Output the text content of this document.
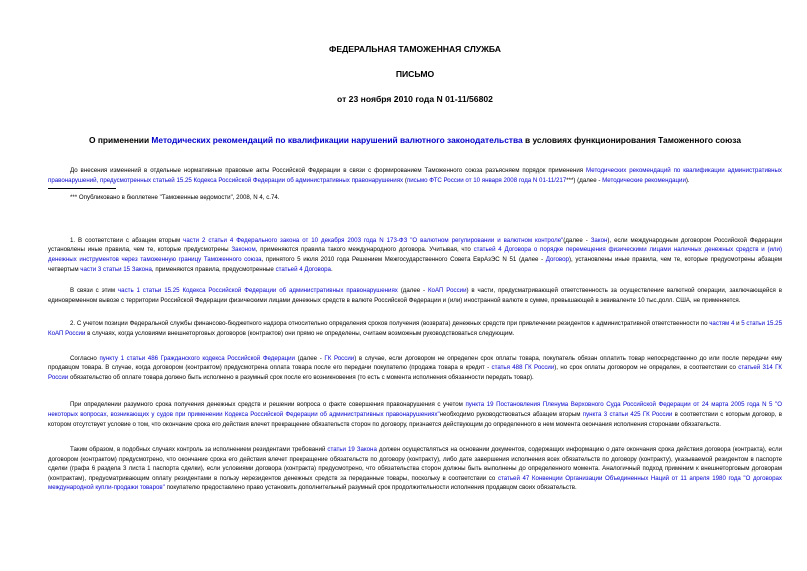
ФЕДЕРАЛЬНАЯ ТАМОЖЕННАЯ СЛУЖБА
ПИСЬМО
от 23 ноября 2010 года N 01-11/56802
О применении Методических рекомендаций по квалификации нарушений валютного законодательства в условиях функционирования Таможенного союза

До внесения изменений в отдельные нормативные правовые акты Российской Федерации в связи с формированием Таможенного союза разъясняем порядок применения Методических рекомендаций по квалификации административных правонарушений, предусмотренных статьей 15.25 Кодекса Российской Федерации об административных правонарушениях (письмо ФТС России от 10 января 2008 года N 01-11/217***) (далее - Методические рекомендации).

*** Опубликовано в бюллетене "Таможенные ведомости", 2008, N 4, с.74.

1. В соответствии с абзацем вторым части 2 статьи 4 Федерального закона от 10 декабря 2003 года N 173-ФЗ "О валютном регулировании и валютном контроле"(далее - Закон), если международным договором Российской Федерации установлены иные правила, чем те, которые предусмотрены Законом, применяются правила такого международного договора. Учитывая, что статьей 4 Договора о порядке перемещения физическими лицами наличных денежных средств и (или) денежных инструментов через таможенную границу Таможенного союза, принятого 5 июля 2010 года Решением Межгосударственного Совета ЕврАзЭС N 51 (далее - Договор), установлены иные правила, чем те, которые предусмотрены абзацем четвертым части 3 статьи 15 Закона, применяются правила, предусмотренные статьей 4 Договора.

В связи с этим часть 1 статьи 15.25 Кодекса Российской Федерации об административных правонарушениях (далее - КоАП России) в части, предусматривающей ответственность за осуществление валютной операции, заключающейся в единовременном вывозе с территории Российской Федерации физическими лицами денежных средств в валюте Российской Федерации и (или) иностранной валюте в сумме, превышающей в эквиваленте 10 тыс.долл. США, не применяется.

2. С учетом позиции Федеральной службы финансово-бюджетного надзора относительно определения сроков получения (возврата) денежных средств при привлечении резидентов к административной ответственности по частям 4 и 5 статьи 15.25 КоАП России в случаях, когда условиями внешнеторговых договоров (контрактов) они прямо не определены, считаем возможным руководствоваться следующим.

Согласно пункту 1 статьи 486 Гражданского кодекса Российской Федерации (далее - ГК России) в случае, если договором не определен срок оплаты товара, покупатель обязан оплатить товар непосредственно до или после передачи ему продавцом товара. В случае, когда договором (контрактом) предусмотрена оплата товара после его передачи покупателю (продажа товара в кредит - статья 488 ГК России), но срок оплаты договором не определен, в соответствии со статьей 314 ГК России обязательство об оплате товара должно быть исполнено в разумный срок после его возникновения (то есть с момента исполнения обязанности передать товар).

При определении разумного срока получения денежных средств и решении вопроса о факте совершения правонарушения с учетом пункта 19 Постановления Пленума Верховного Суда Российской Федерации от 24 марта 2005 года N 5 "О некоторых вопросах, возникающих у судов при применении Кодекса Российской Федерации об административных правонарушениях"необходимо руководствоваться абзацем вторым пункта 3 статьи 425 ГК России в соответствии с которым договор, в котором отсутствует условие о том, что окончание срока его действия влечет прекращение обязательств сторон по договору, признается действующим до определенного в нем момента окончания исполнения сторонами обязательств.

Таким образом, в подобных случаях контроль за исполнением резидентами требований статьи 19 Закона должен осуществляться на основании документов, содержащих информацию о дате окончания срока действия договора (контракта), если договором (контрактом) предусмотрено, что окончание срока его действия влечет прекращение обязательств по договору (контракту), либо дате завершения исполнения всех обязательств по договору (контракту), указываемой резидентом в паспорте сделки (графа 6 раздела 3 листа 1 паспорта сделки), если условиями договора (контракта) предусмотрено, что обязательства сторон должны быть выполнены до определенного момента. Аналогичный подход применим к внешнеторговым договорам (контрактам), предусматривающим оплату резидентами в пользу нерезидентов денежных средств за переданные товары, поскольку в соответствии со статьей 47 Конвенции Организации Объединенных Наций от 11 апреля 1980 года "О договорах международной купли-продажи товаров" покупателю предоставлено право установить дополнительный разумный срок продолжительности исполнения продавцом своих обязательств.
